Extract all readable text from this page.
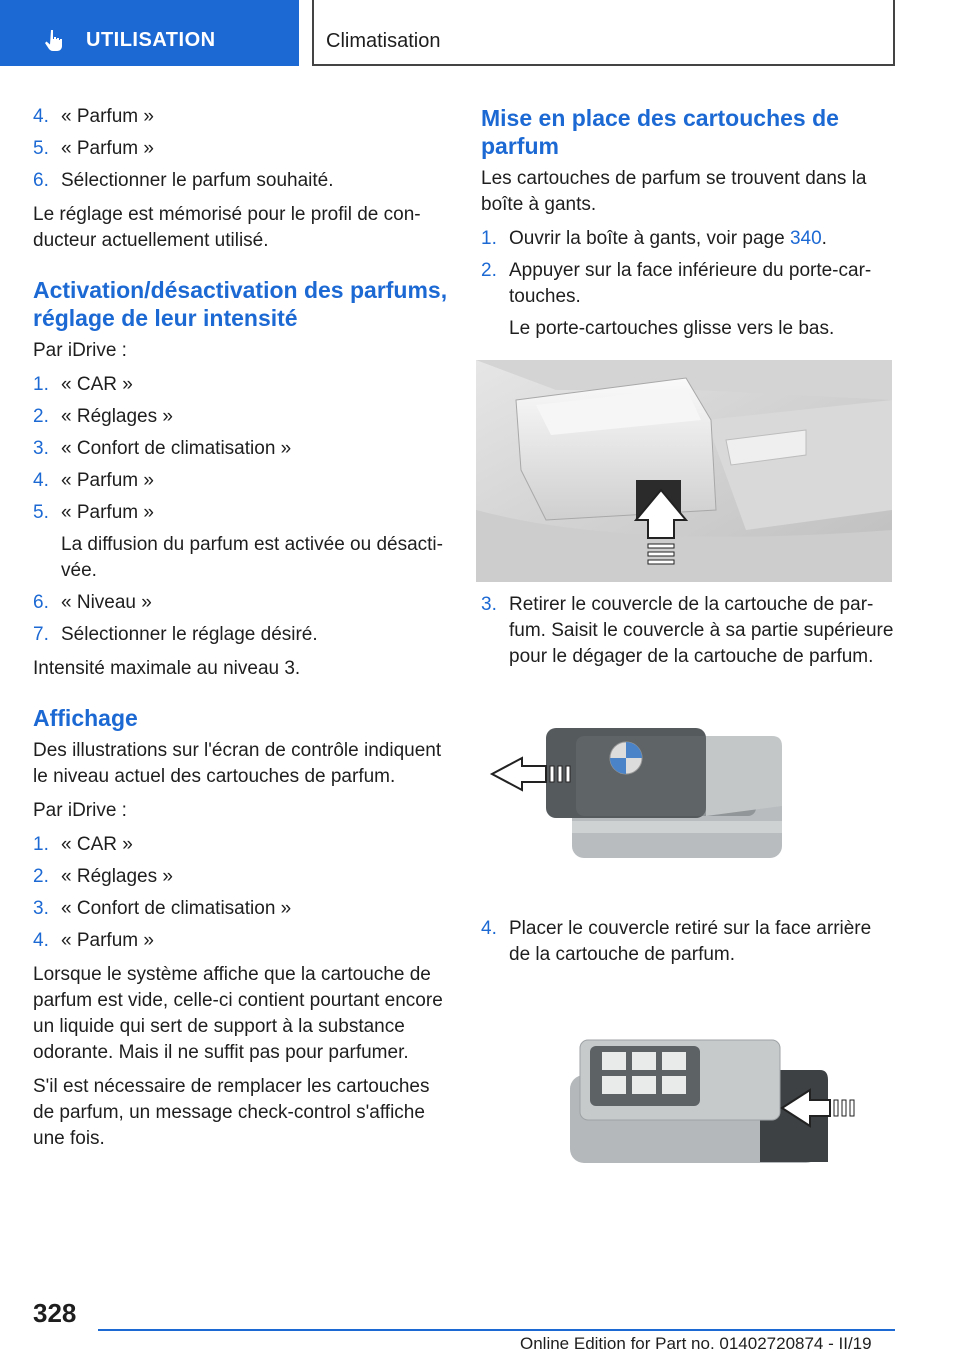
UTILISATION	Climatisation
4. « Parfum »
5. « Parfum »
6. Sélectionner le parfum souhaité.

Le réglage est mémorisé pour le profil de con‐ducteur actuellement utilisé.

Activation/désactivation des parfums, réglage de leur intensité

Par iDrive :

1. « CAR »
2. « Réglages »
3. « Confort de climatisation »
4. « Parfum »
5. « Parfum »
La diffusion du parfum est activée ou désacti‐vée.
6. « Niveau »
7. Sélectionner le réglage désiré.

Intensité maximale au niveau 3.

Affichage

Des illustrations sur l'écran de contrôle indiquent le niveau actuel des cartouches de parfum.

Par iDrive :

1. « CAR »
2. « Réglages »
3. « Confort de climatisation »
4. « Parfum »

Lorsque le système affiche que la cartouche de parfum est vide, celle-ci contient pourtant encore un liquide qui sert de support à la substance odorante. Mais il ne suffit pas pour parfumer.

S'il est nécessaire de remplacer les cartouches de parfum, un message check-control s'affiche une fois.

Mise en place des cartouches de parfum

Les cartouches de parfum se trouvent dans la boîte à gants.

1. Ouvrir la boîte à gants, voir page 340.
2. Appuyer sur la face inférieure du porte-car‐touches.
Le porte-cartouches glisse vers le bas.
3. Retirer le couvercle de la cartouche de par‐fum. Saisit le couvercle à sa partie supérieure pour le dégager de la cartouche de parfum.
4. Placer le couvercle retiré sur la face arrière de la cartouche de parfum.
328
Online Edition for Part no. 01402720874 - II/19
